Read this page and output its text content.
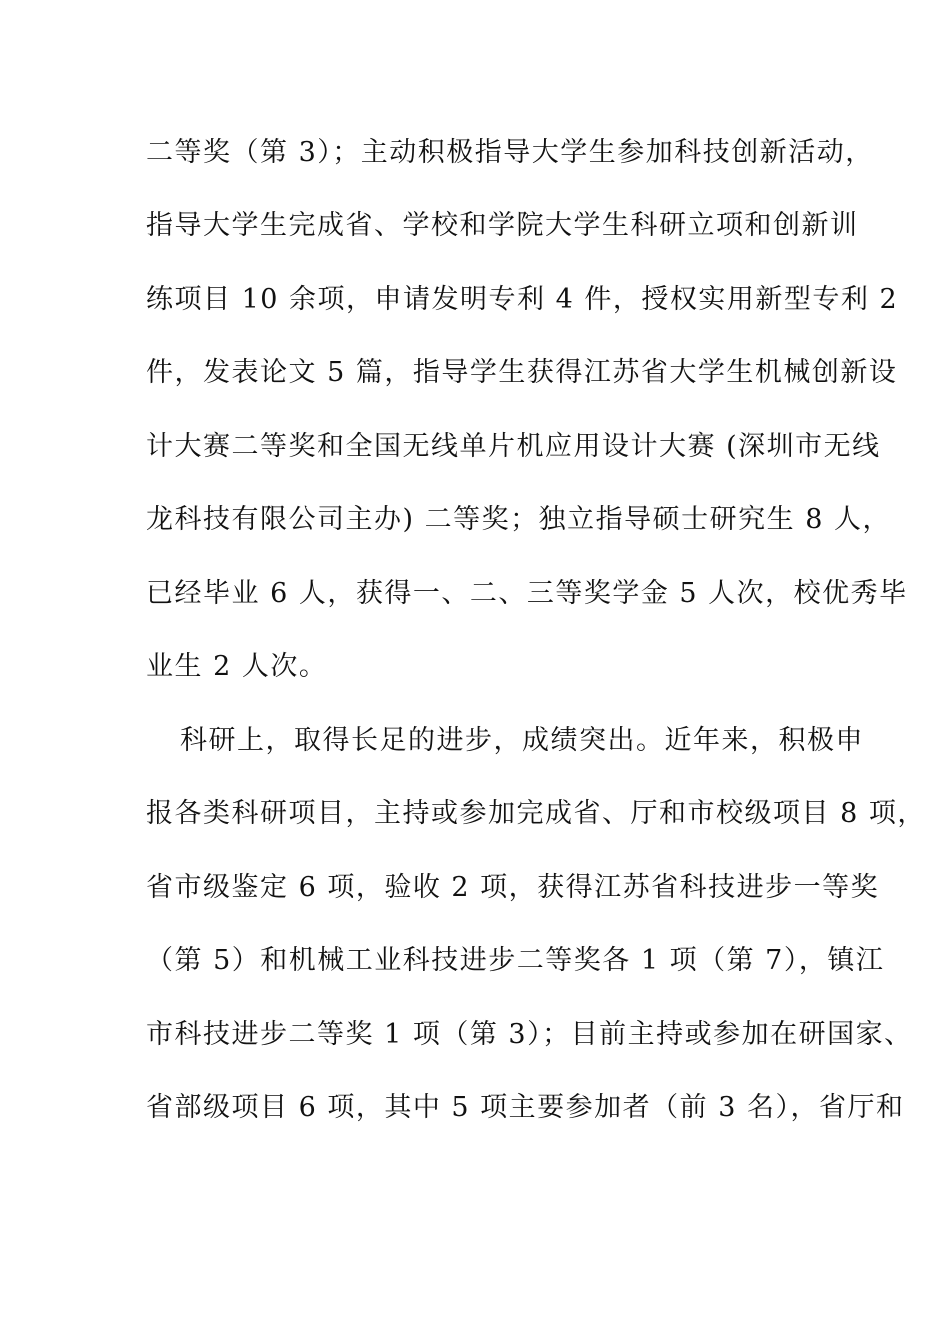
二等奖（第 3）；主动积极指导大学生参加科技创新活动，
指导大学生完成省、学校和学院大学生科研立项和创新训
练项目 10 余项，申请发明专利 4 件，授权实用新型专利 2
件，发表论文 5 篇，指导学生获得江苏省大学生机械创新设
计大赛二等奖和全国无线单片机应用设计大赛 (深圳市无线
龙科技有限公司主办) 二等奖；独立指导硕士研究生 8 人，
已经毕业 6 人，获得一、二、三等奖学金 5 人次，校优秀毕
业生 2 人次。
科研上，取得长足的进步，成绩突出。近年来，积极申
报各类科研项目，主持或参加完成省、厅和市校级项目 8 项，
省市级鉴定 6 项，验收 2 项，获得江苏省科技进步一等奖
（第 5）和机械工业科技进步二等奖各 1 项（第 7），镇江
市科技进步二等奖 1 项（第 3）；目前主持或参加在研国家、
省部级项目 6 项，其中 5 项主要参加者（前 3 名），省厅和
